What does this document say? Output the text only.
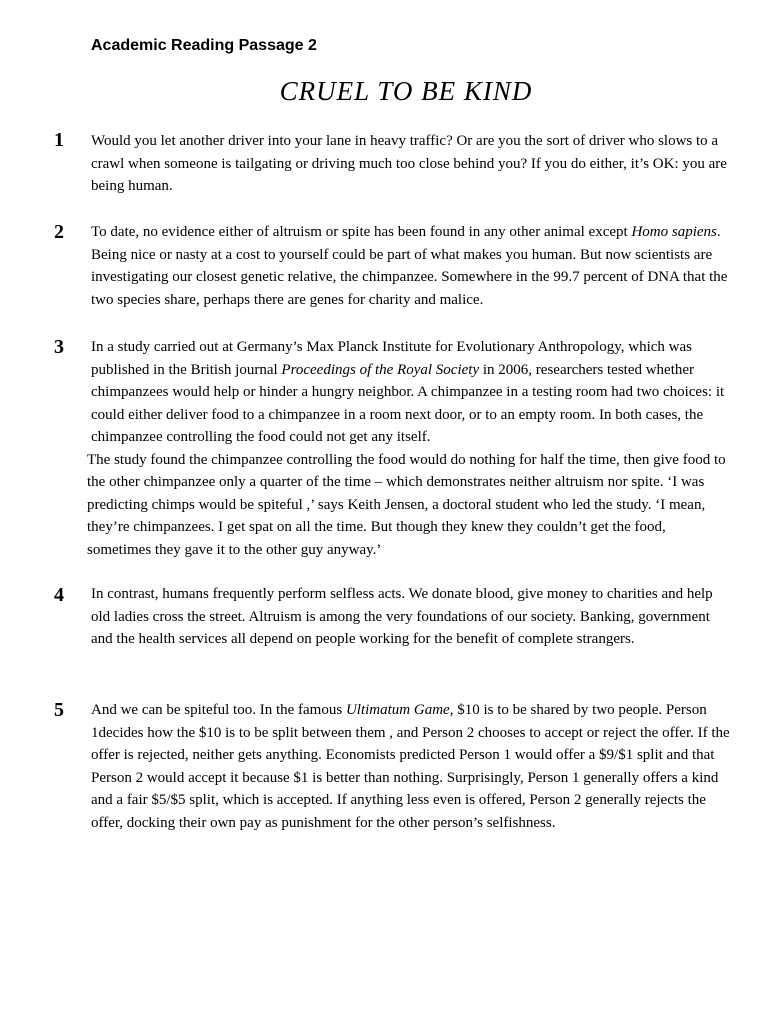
Academic Reading Passage 2
CRUEL TO BE KIND
1 Would you let another driver into your lane in heavy traffic? Or are you the sort of driver who slows to a crawl when someone is tailgating or driving much too close behind you? If you do either, it’s OK: you are being human.

2 To date, no evidence either of altruism or spite has been found in any other animal except Homo sapiens. Being nice or nasty at a cost to yourself could be part of what makes you human. But now scientists are investigating our closest genetic relative, the chimpanzee. Somewhere in the 99.7 percent of DNA that the two species share, perhaps there are genes for charity and malice.

3 In a study carried out at Germany’s Max Planck Institute for Evolutionary Anthropology, which was published in the British journal Proceedings of the Royal Society in 2006, researchers tested whether chimpanzees would help or hinder a hungry neighbor. A chimpanzee in a testing room had two choices: it could either deliver food to a chimpanzee in a room next door, or to an empty room. In both cases, the chimpanzee controlling the food could not get any itself.

The study found the chimpanzee controlling the food would do nothing for half the time, then give food to the other chimpanzee only a quarter of the time – which demonstrates neither altruism nor spite. ‘I was predicting chimps would be spiteful ,’ says Keith Jensen, a doctoral student who led the study. ‘I mean, they’re chimpanzees. I get spat on all the time. But though they knew they couldn’t get the food, sometimes they gave it to the other guy anyway.’

4 In contrast, humans frequently perform selfless acts. We donate blood, give money to charities and help old ladies cross the street. Altruism is among the very foundations of our society. Banking, government and the health services all depend on people working for the benefit of complete strangers.

5 And we can be spiteful too. In the famous Ultimatum Game, $10 is to be shared by two people. Person 1decides how the $10 is to be split between them , and Person 2 chooses to accept or reject the offer. If the offer is rejected, neither gets anything. Economists predicted Person 1 would offer a $9/$1 split and that Person 2 would accept it because $1 is better than nothing. Surprisingly, Person 1 generally offers a kind and a fair $5/$5 split, which is accepted. If anything less even is offered, Person 2 generally rejects the offer, docking their own pay as punishment for the other person’s selfishness.
